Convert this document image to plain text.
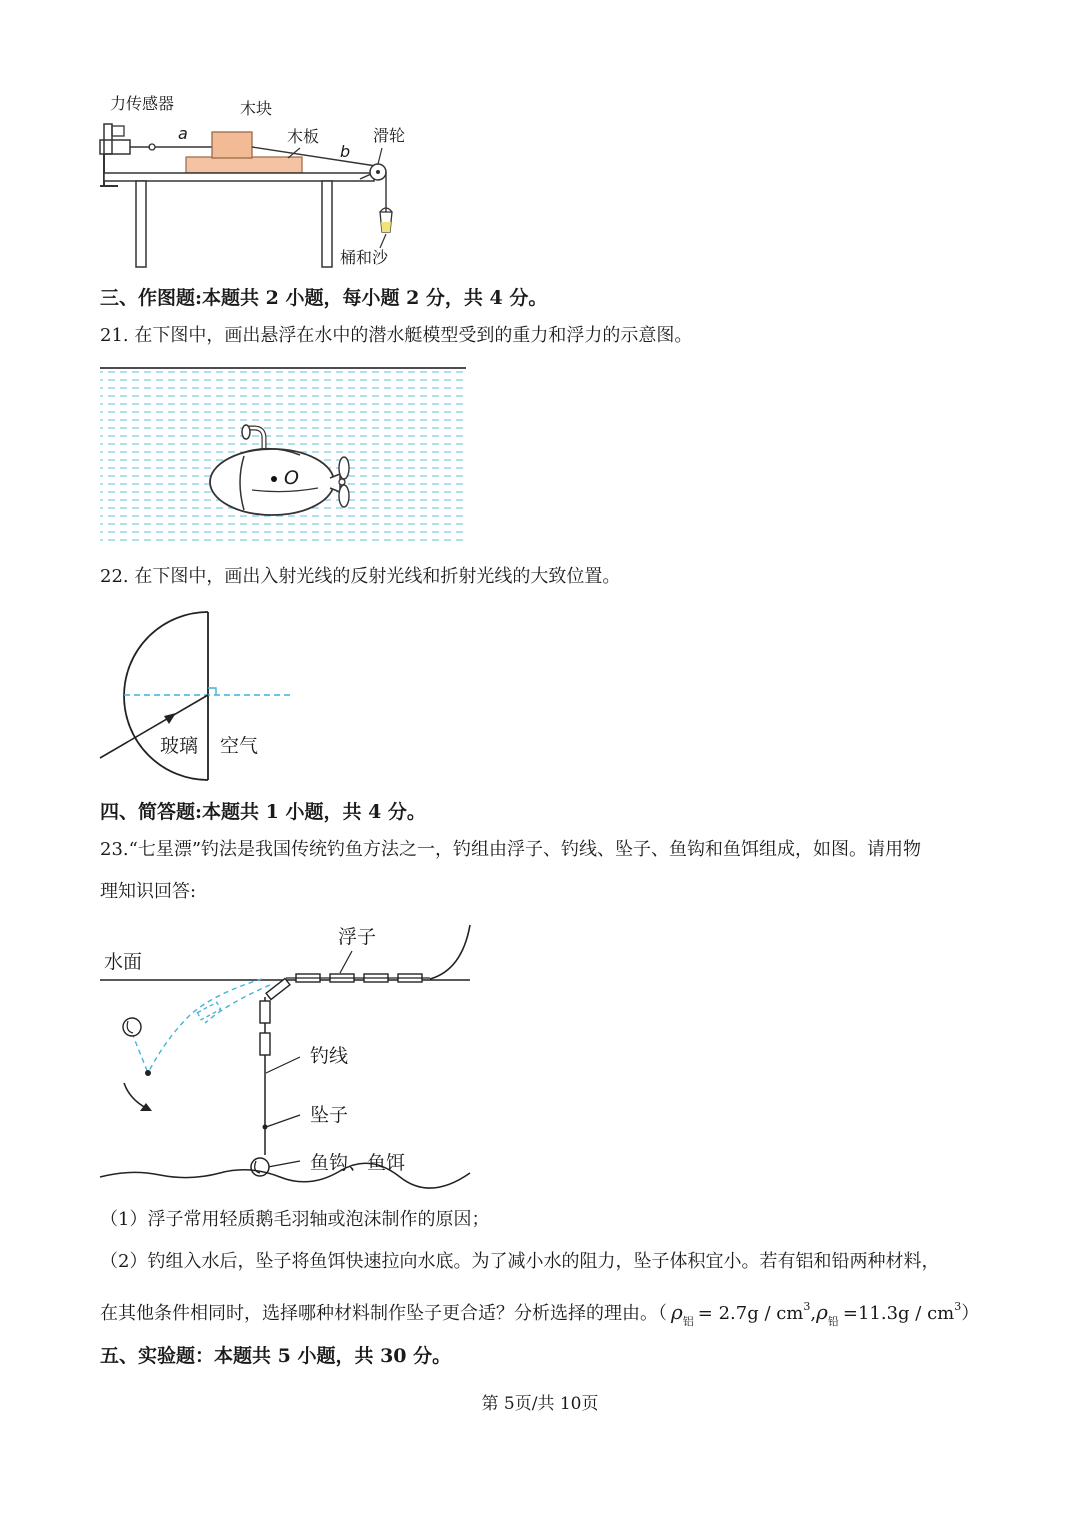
力传感器	木块
木板	滑轮
桶和沙
a
b
三、作图题:本题共 2 小题，每小题 2 分，共 4 分。
21. 在下图中，画出悬浮在水中的潜水艇模型受到的重力和浮力的示意图。
O
22. 在下图中，画出入射光线的反射光线和折射光线的大致位置。
玻璃 空气
四、简答题:本题共 1 小题，共 4 分。
23.“七星漂”钓法是我国传统钓鱼方法之一，钓组由浮子、钓线、坠子、鱼钩和鱼饵组成，如图。请用物
理知识回答:
水面
浮子
钓线
坠子
鱼钩、鱼饵
（1）浮子常用轻质鹅毛羽轴或泡沫制作的原因；
（2）钓组入水后，坠子将鱼饵快速拉向水底。为了减小水的阻力，坠子体积宜小。若有铝和铅两种材料，
在其他条件相同时，选择哪种材料制作坠子更合适？分析选择的理由。（ ρ 铝 = 2.7g / cm 3 , ρ 铅 =11.3g / cm 3 ）
五、实验题：本题共 5 小题，共 30 分。
第 5页/共 10页
